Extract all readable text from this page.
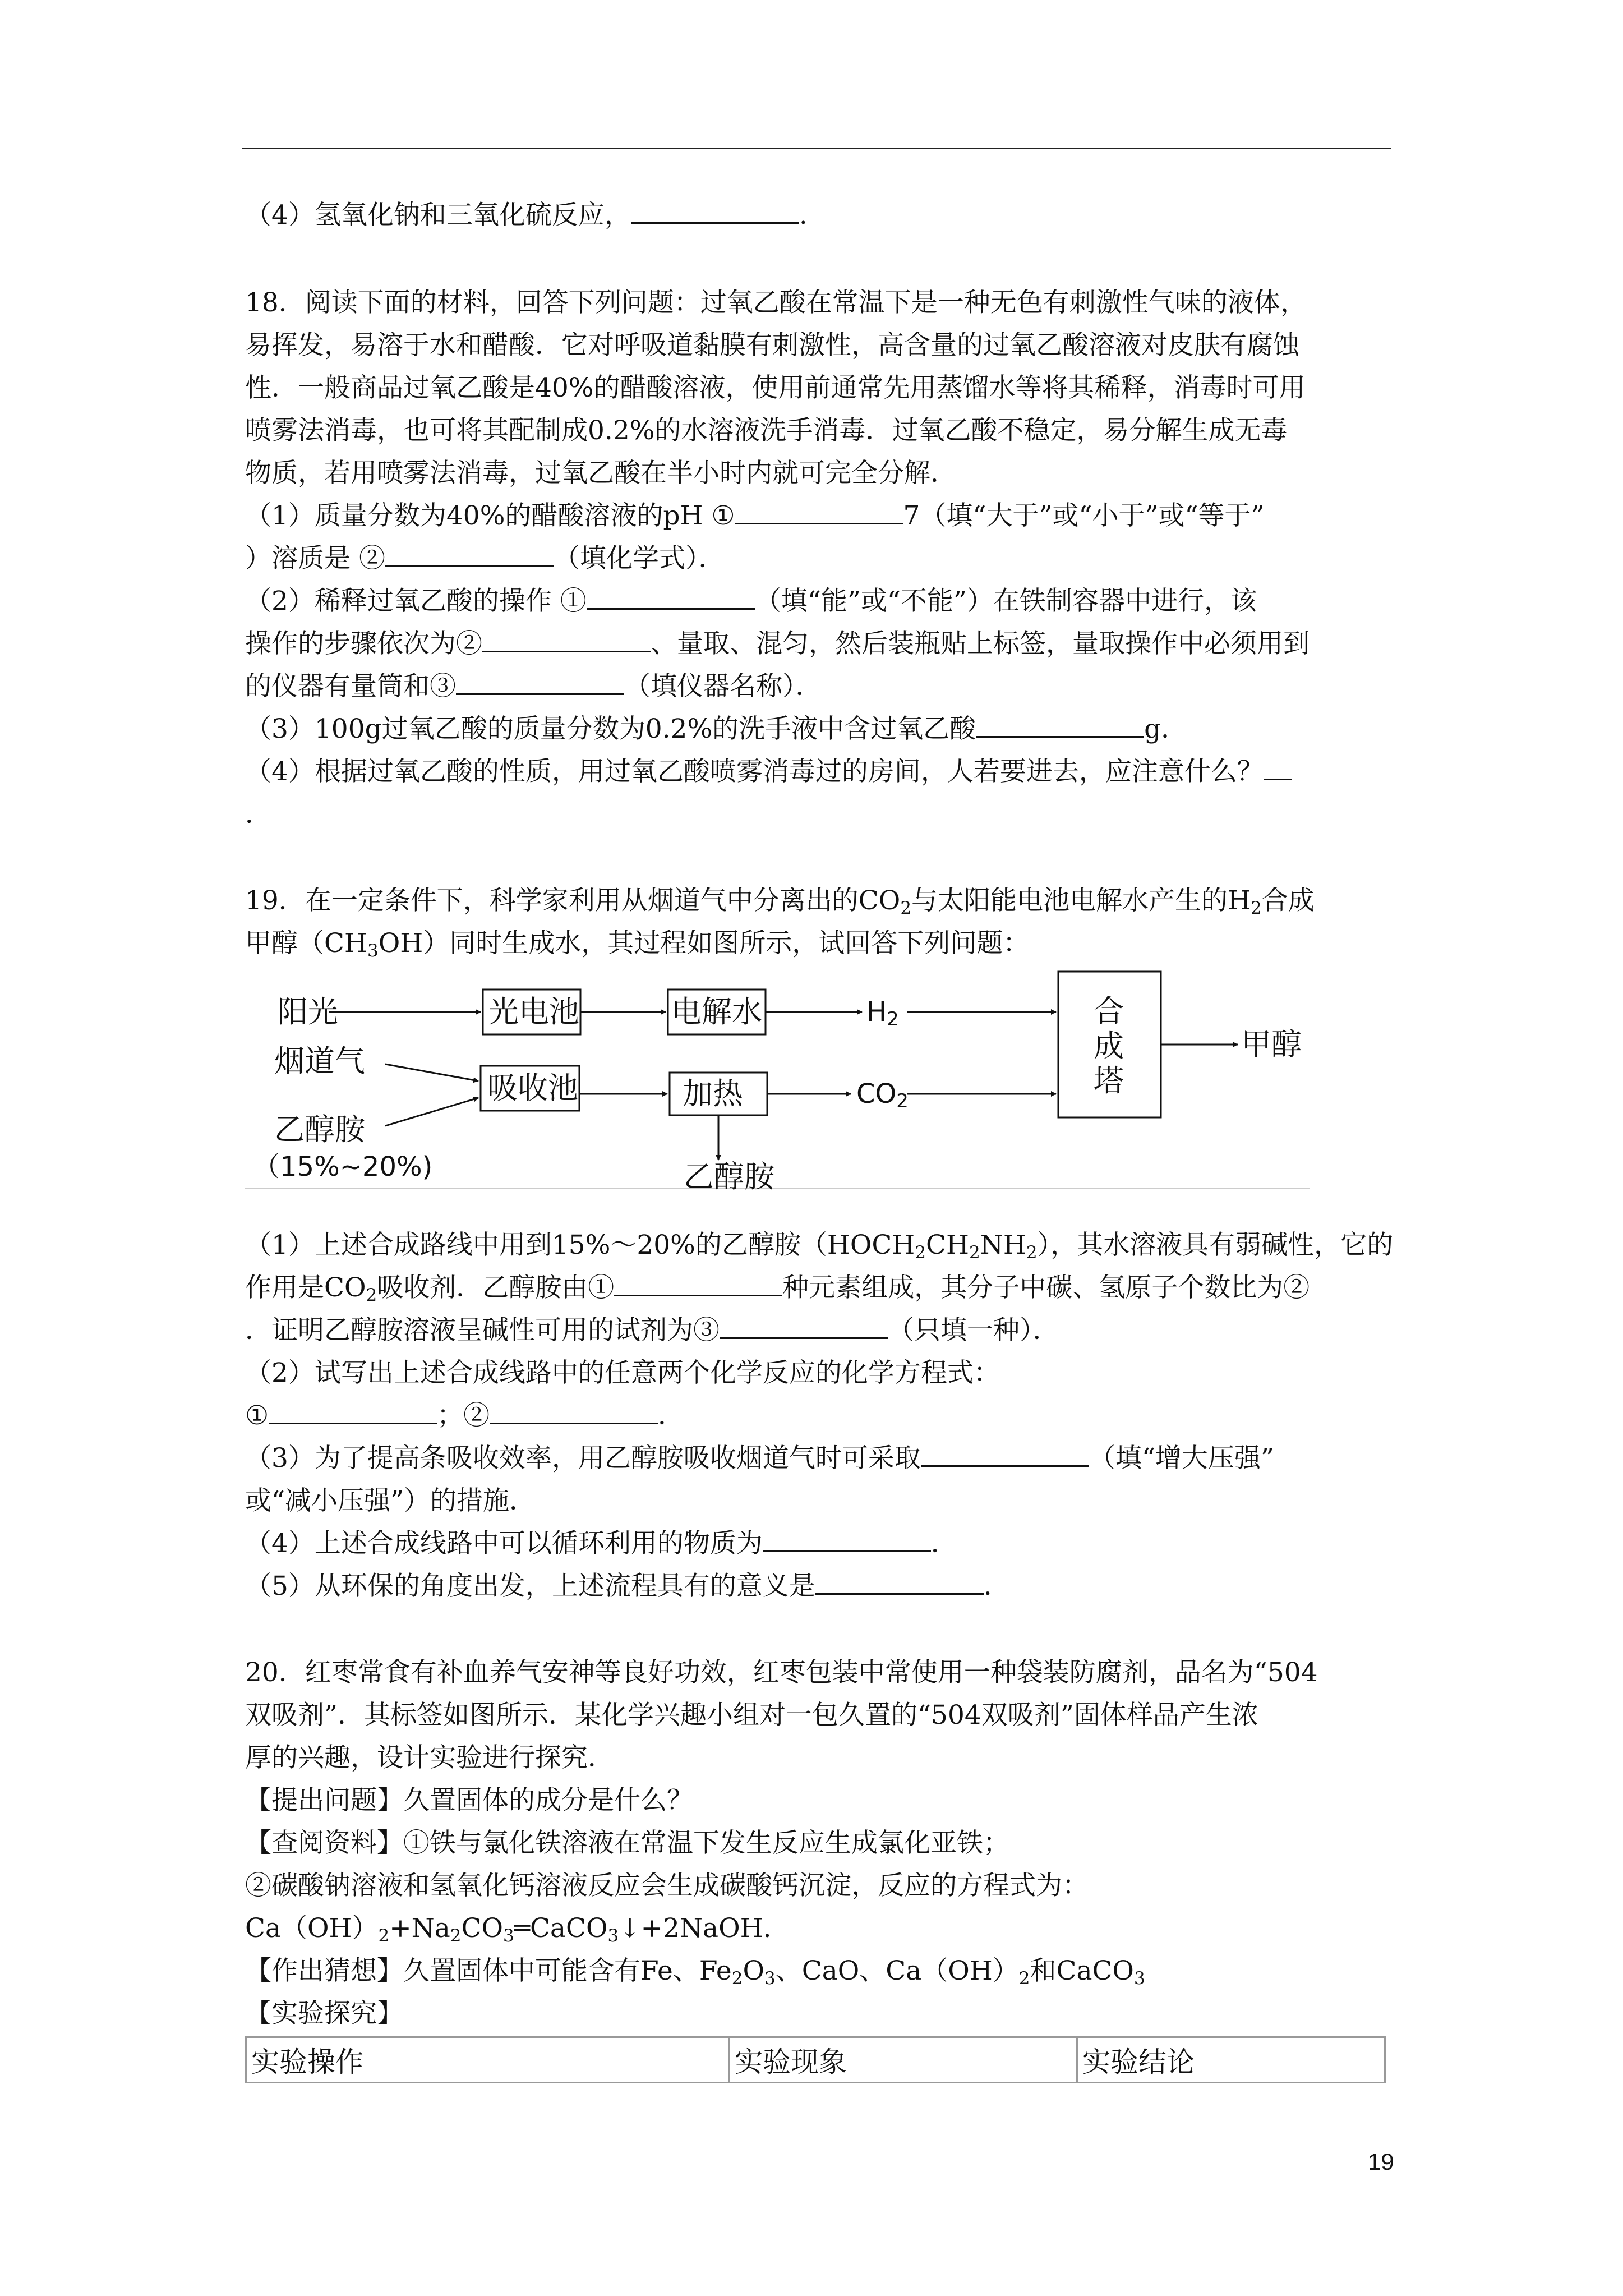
（4）氢氧化钠和三氧化硫反应，	.
18．阅读下面的材料，回答下列问题：过氧乙酸在常温下是一种无色有刺激性气味的液体，
易挥发，易溶于水和醋酸．它对呼吸道黏膜有刺激性，高含量的过氧乙酸溶液对皮肤有腐蚀
性．一般商品过氧乙酸是40%的醋酸溶液，使用前通常先用蒸馏水等将其稀释，消毒时可用
喷雾法消毒，也可将其配制成0.2%的水溶液洗手消毒．过氧乙酸不稳定，易分解生成无毒
物质，若用喷雾法消毒，过氧乙酸在半小时内就可完全分解．
（1）质量分数为40%的醋酸溶液的pH ①	7（填“大于”或“小于”或“等于”
）溶质是 ②	（填化学式）．
（2）稀释过氧乙酸的操作 ①	（填“能”或“不能”）在铁制容器中进行，该
操作的步骤依次为②	、量取、混匀，然后装瓶贴上标签，量取操作中必须用到
的仪器有量筒和③	（填仪器名称）．
（3）100g过氧乙酸的质量分数为0.2%的洗手液中含过氧乙酸	g．
（4）根据过氧乙酸的性质，用过氧乙酸喷雾消毒过的房间，人若要进去，应注意什么？
．
19．在一定条件下，科学家利用从烟道气中分离出的$CO_2$与太阳能电池电解水产生的$H_2$合成
甲醇$(CH_3OH)$同时生成水，其过程如图所示，试回答下列问题：
阳光	光电池	电解水	$H_2$	合成塔
甲醇
烟道气
吸收池	加热	$CO_2$
乙醇胺
（15%~20%)	乙醇胺
（1）上述合成路线中用到15%～20%的乙醇胺$(HOCH_2CH_2NH_2)$，其水溶液具有弱碱性，它的
作用是$CO_2$吸收剂．乙醇胺由①	种元素组成，其分子中碳、氢原子个数比为②
．证明乙醇胺溶液呈碱性可用的试剂为③	（只填一种）．
（2）试写出上述合成线路中的任意两个化学反应的化学方程式：
①	；②	．
（3）为了提高条吸收效率，用乙醇胺吸收烟道气时可采取	（填“增大压强”
或“减小压强”）的措施．
（4）上述合成线路中可以循环利用的物质为	．
（5）从环保的角度出发，上述流程具有的意义是	．
20．红枣常食有补血养气安神等良好功效，红枣包装中常使用一种袋装防腐剂，品名为“504
双吸剂”．其标签如图所示．某化学兴趣小组对一包久置的“504双吸剂”固体样品产生浓
厚的兴趣，设计实验进行探究．
【提出问题】久置固体的成分是什么？
【查阅资料】①铁与氯化铁溶液在常温下发生反应生成氯化亚铁；
②碳酸钠溶液和氢氧化钙溶液反应会生成碳酸钙沉淀，反应的方程式为：
$Ca(OH)_2+Na_2CO_3═CaCO_3↓+2NaOH$.
【作出猜想】久置固体中可能含有Fe、$Fe_2O_3$、CaO、$Ca(OH)_2$和CaCO$_3$
【实验探究】
实验操作	实验现象	实验结论
19
